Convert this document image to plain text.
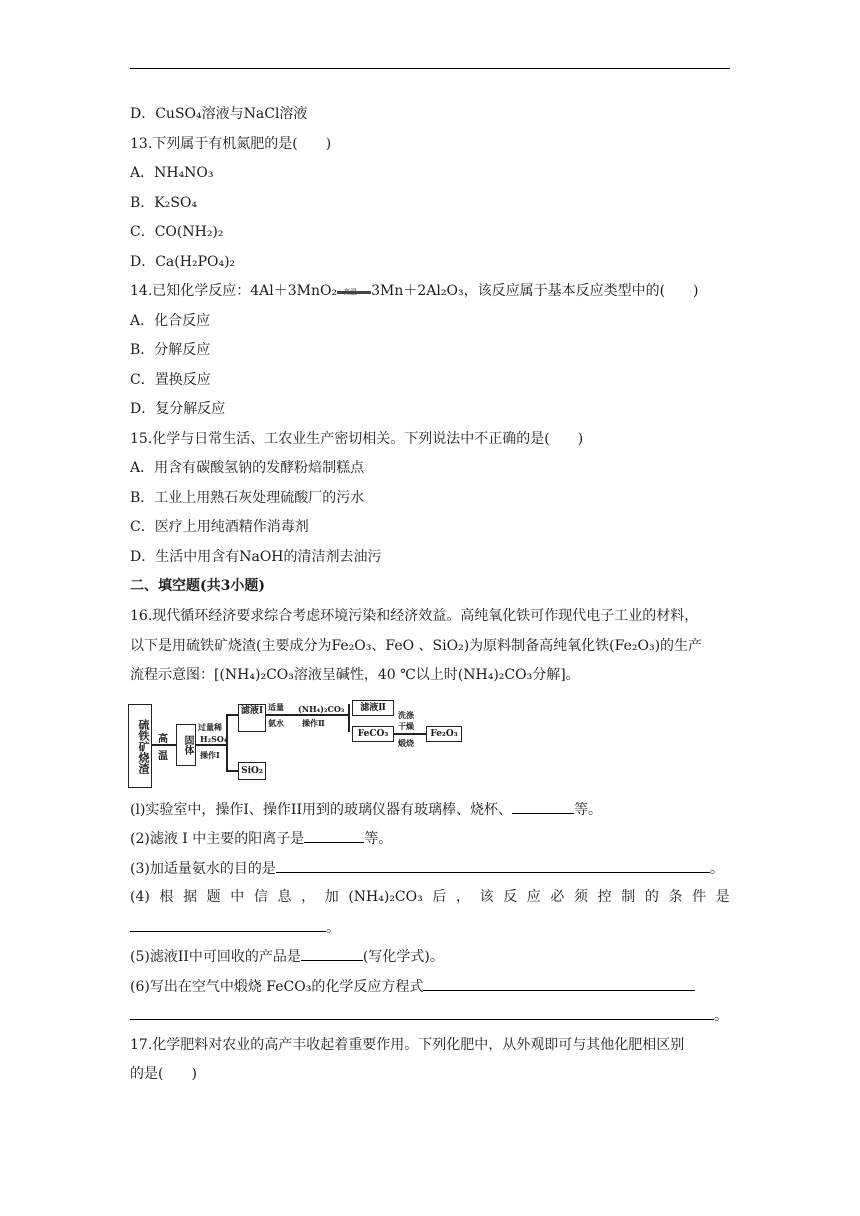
D．CuSO₄溶液与NaCl溶液
13.下列属于有机氮肥的是(　　)
A．NH₄NO₃
B．K₂SO₄
C．CO(NH₂)₂
D．Ca(H₂PO₄)₂
14.已知化学反应：4Al＋3MnO₂ 3Mn＋2Al₂O₃，该反应属于基本反应类型中的(　　)
A．化合反应
B．分解反应
C．置换反应
D．复分解反应
15.化学与日常生活、工农业生产密切相关。下列说法中不正确的是(　　)
A．用含有碳酸氢钠的发酵粉焙制糕点
B．工业上用熟石灰处理硫酸厂的污水
C．医疗上用纯酒精作消毒剂
D．生活中用含有NaOH的清洁剂去油污
二、填空题(共3小题)
16.现代循环经济要求综合考虑环境污染和经济效益。高纯氧化铁可作现代电子工业的材料，
以下是用硫铁矿烧渣(主要成分为Fe₂O₃、FeO 、SiO₂)为原料制备高纯氧化铁(Fe₂O₃)的生产
流程示意图：[(NH₄)₂CO₃溶液呈碱性，40 ℃以上时(NH₄)₂CO₃分解]。
硫铁矿烧渣 高
温
固体
过量稀
H₂SO₄
操作Ⅰ
滤液Ⅰ
SiO₂
适量
氨水
(NH₄)₂CO₃
操作Ⅱ
滤液Ⅱ
FeCO₃
洗涤
干燥
煅烧
Fe₂O₃
(l)实验室中，操作I、操作II用到的玻璃仪器有玻璃棒、烧杯、	等。
(2)滤液 I 中主要的阳离子是	等。
(3)加适量氨水的目的是	。
(4) 根 据 题 中 信 息 ， 加 (NH₄)₂CO₃ 后 ， 该 反 应 必 须 控 制 的 条 件 是
。
(5)滤液II中可回收的产品是	(写化学式)。
(6)写出在空气中煅烧 FeCO₃的化学反应方程式
。
17.化学肥料对农业的高产丰收起着重要作用。下列化肥中，从外观即可与其他化肥相区别
的是(　　)
